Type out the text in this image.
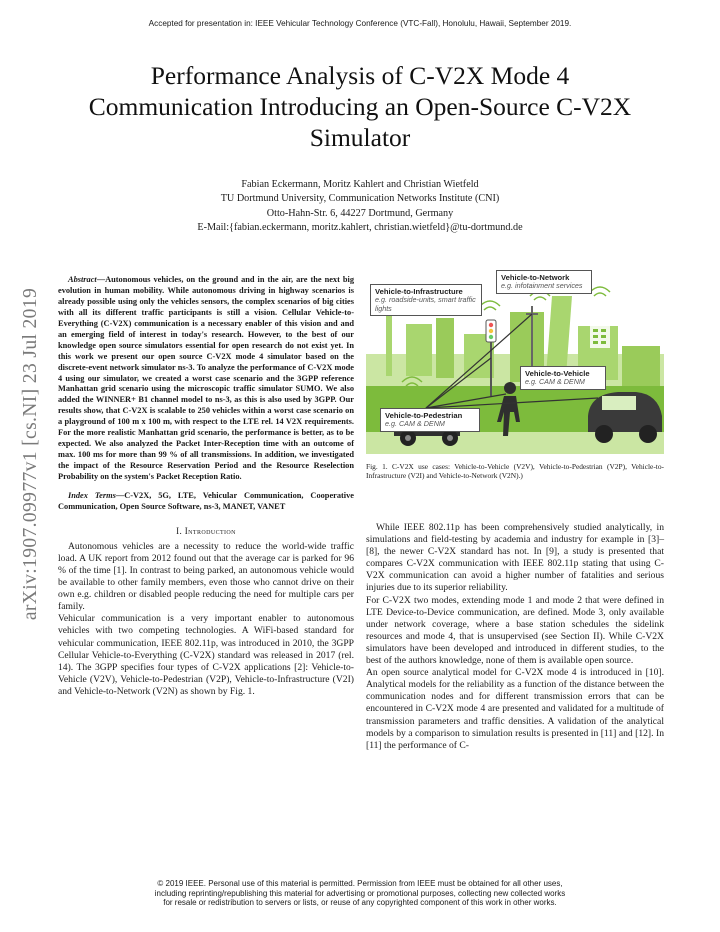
Accepted for presentation in: IEEE Vehicular Technology Conference (VTC-Fall), Honolulu, Hawaii, September 2019.
Performance Analysis of C-V2X Mode 4 Communication Introducing an Open-Source C-V2X Simulator
Fabian Eckermann, Moritz Kahlert and Christian Wietfeld
TU Dortmund University, Communication Networks Institute (CNI)
Otto-Hahn-Str. 6, 44227 Dortmund, Germany
E-Mail:{fabian.eckermann, moritz.kahlert, christian.wietfeld}@tu-dortmund.de
arXiv:1907.09977v1 [cs.NI] 23 Jul 2019

Abstract—Autonomous vehicles, on the ground and in the air, are the next big evolution in human mobility. While autonomous driving in highway scenarios is already possible using only the vehicles sensors, the complex scenarios of big cities with all its different traffic participants is still a vision. Cellular Vehicle-to-Everything (C-V2X) communication is a necessary enabler of this vision and and an emerging field of interest in today's research. However, to the best of our knowledge open source simulators essential for open research do not exist yet. In this work we present our open source C-V2X mode 4 simulator based on the discrete-event network simulator ns-3. To analyze the performance of C-V2X mode 4 using our simulator, we created a worst case scenario and the 3GPP reference Manhattan grid scenario using the microscopic traffic simulator SUMO. We also added the WINNER+ B1 channel model to ns-3, as this is also used by 3GPP. Our results show, that C-V2X is scalable to 250 vehicles within a worst case scenario on a playground of 100 m x 100 m, with respect to the LTE rel. 14 V2X requirements. For the more realistic Manhattan grid scenario, the performance is better, as to be expected. We also analyzed the Packet Inter-Reception time with an outcome of max. 100 ms for more than 99 % of all transmissions. In addition, we investigated the impact of the Resource Reservation Period and the Resource Reselection Probability on the system's Packet Reception Ratio.

Index Terms—C-V2X, 5G, LTE, Vehicular Communication, Cooperative Communication, Open Source Software, ns-3, MANET, VANET

I. Introduction

Autonomous vehicles are a necessity to reduce the world-wide traffic load. A UK report from 2012 found out that the average car is parked for 96 % of the time [1]. In contrast to being parked, an autonomous vehicle would be available to other family members, even those who cannot drive on their own e.g. children or disabled people reducing the need for multiple cars per family.

Vehicular communication is a very important enabler to autonomous vehicles with two competing technologies. A WiFi-based standard for vehicular communication, IEEE 802.11p, was introduced in 2010, the 3GPP Cellular Vehicle-to-Everything (C-V2X) standard was released in 2017 (rel. 14). The 3GPP specifies four types of C-V2X applications [2]: Vehicle-to-Vehicle (V2V), Vehicle-to-Pedestrian (V2P), Vehicle-to-Infrastructure (V2I) and Vehicle-to-Network (V2N) as shown by Fig. 1.

Vehicle-to-Infrastructure
e.g. roadside-units, smart traffic lights
Vehicle-to-Network
e.g. infotainment services
Vehicle-to-Vehicle
e.g. CAM & DENM
Vehicle-to-Pedestrian
e.g. CAM & DENM
Fig. 1. C-V2X use cases: Vehicle-to-Vehicle (V2V), Vehicle-to-Pedestrian (V2P), Vehicle-to-Infrastructure (V2I) and Vehicle-to-Network (V2N).)

While IEEE 802.11p has been comprehensively studied analytically, in simulations and field-testing by academia and industry for example in [3]–[8], the newer C-V2X standard has not. In [9], a study is presented that compares C-V2X communication with IEEE 802.11p stating that using C-V2X communication can avoid a higher number of fatalities and serious injuries due to its superior reliability.

For C-V2X two modes, extending mode 1 and mode 2 that were defined in LTE Device-to-Device communication, are defined. Mode 3, only available under network coverage, where a base station schedules the sidelink resources and mode 4, that is unsupervised (see Section II). While C-V2X simulators have been developed and introduced in different studies, to the best of the authors knowledge, none of them is available open source.

An open source analytical model for C-V2X mode 4 is introduced in [10]. Analytical models for the reliability as a function of the distance between the communication nodes and for different transmission errors that can be encountered in C-V2X mode 4 are presented and validated for a multitude of transmission parameters and traffic densities. A validation of the analytical models by a comparison to simulation results is presented in [11] and [12]. In [11] the performance of C-

© 2019 IEEE. Personal use of this material is permitted. Permission from IEEE must be obtained for all other uses,
including reprinting/republishing this material for advertising or promotional purposes, collecting new collected works
for resale or redistribution to servers or lists, or reuse of any copyrighted component of this work in other works.
